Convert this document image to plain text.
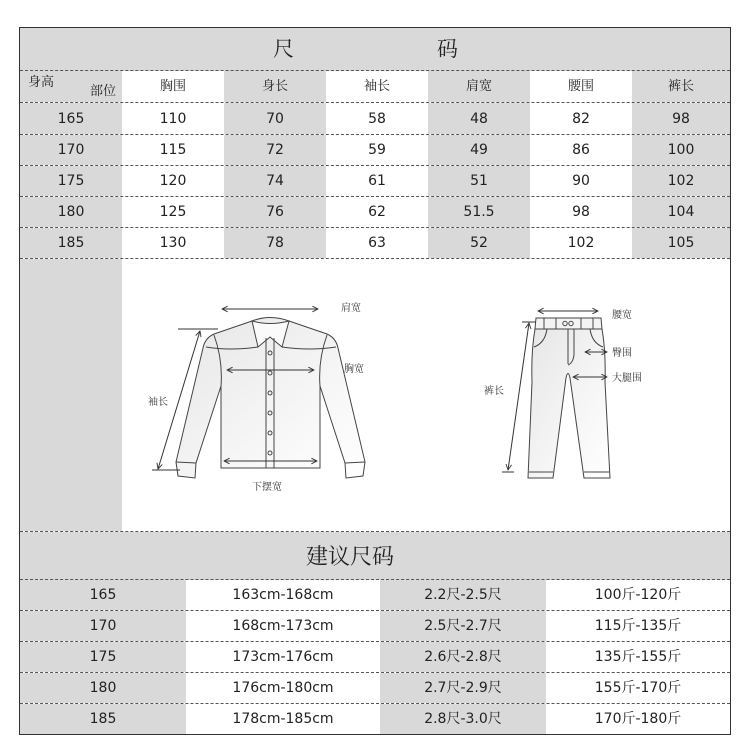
尺	码
身高
部位	胸围	身长	袖长	肩宽	腰围	裤长
165	110	70	58	48	82	98
170	115	72	59	49	86	100
175	120	74	61	51	90	102
180	125	76	62	51.5	98	104
185	130	78	63	52	102	105
肩宽
胸宽
袖长
下摆宽
腰宽
臀围
大腿围
裤长
建议尺码
165	163cm-168cm	2.2尺-2.5尺	100斤-120斤
170	168cm-173cm	2.5尺-2.7尺	115斤-135斤
175	173cm-176cm	2.6尺-2.8尺	135斤-155斤
180	176cm-180cm	2.7尺-2.9尺	155斤-170斤
185	178cm-185cm	2.8尺-3.0尺	170斤-180斤
